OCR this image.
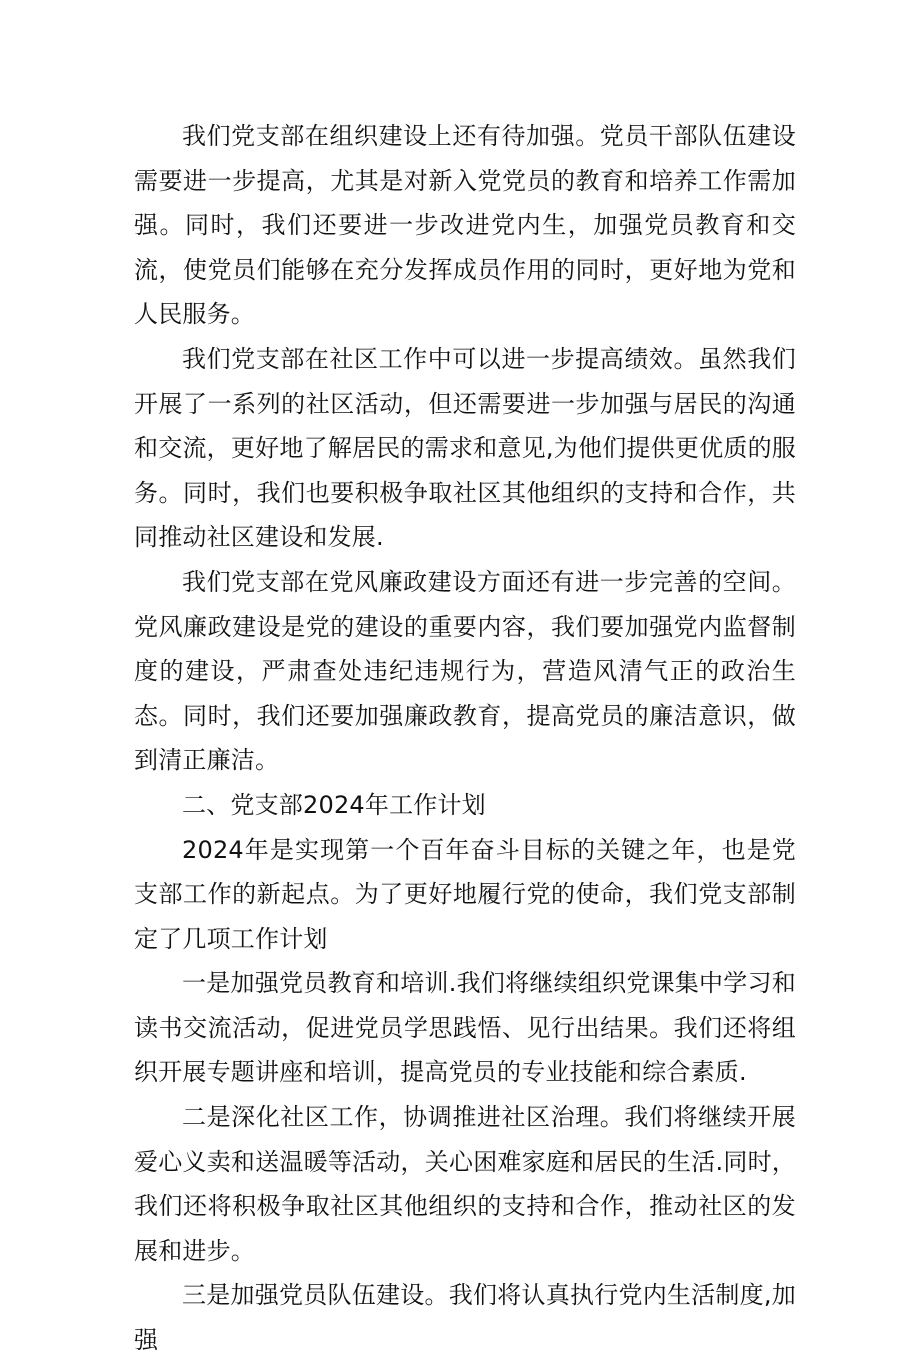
我们党支部在组织建设上还有待加强。党员干部队伍建设需要进一步提高，尤其是对新入党党员的教育和培养工作需加强。同时，我们还要进一步改进党内生，加强党员教育和交流，使党员们能够在充分发挥成员作用的同时，更好地为党和人民服务。

我们党支部在社区工作中可以进一步提高绩效。虽然我们开展了一系列的社区活动，但还需要进一步加强与居民的沟通和交流，更好地了解居民的需求和意见,为他们提供更优质的服务。同时，我们也要积极争取社区其他组织的支持和合作，共同推动社区建设和发展.

我们党支部在党风廉政建设方面还有进一步完善的空间。党风廉政建设是党的建设的重要内容，我们要加强党内监督制度的建设，严肃查处违纪违规行为，营造风清气正的政治生态。同时，我们还要加强廉政教育，提高党员的廉洁意识，做到清正廉洁。

二、党支部2024年工作计划

2024年是实现第一个百年奋斗目标的关键之年，也是党支部工作的新起点。为了更好地履行党的使命，我们党支部制定了几项工作计划

一是加强党员教育和培训.我们将继续组织党课集中学习和读书交流活动，促进党员学思践悟、见行出结果。我们还将组织开展专题讲座和培训，提高党员的专业技能和综合素质.

二是深化社区工作，协调推进社区治理。我们将继续开展爱心义卖和送温暖等活动，关心困难家庭和居民的生活.同时，我们还将积极争取社区其他组织的支持和合作，推动社区的发展和进步。

三是加强党员队伍建设。我们将认真执行党内生活制度,加强
